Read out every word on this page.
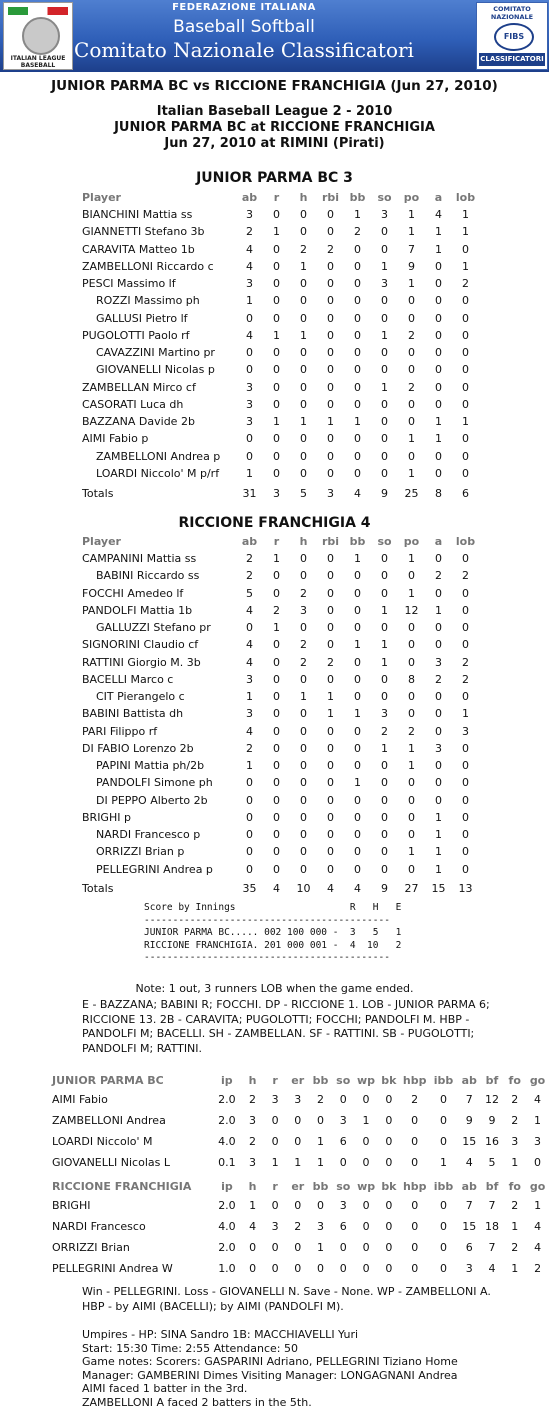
ITALIAN LEAGUE BASEBALL
FEDERAZIONE ITALIANA
Baseball Softball
Comitato Nazionale Classificatori
COMITATO NAZIONALE
FIBS
CLASSIFICATORI
JUNIOR PARMA BC vs RICCIONE FRANCHIGIA (Jun 27, 2010)
Italian Baseball League 2 - 2010
JUNIOR PARMA BC at RICCIONE FRANCHIGIA
Jun 27, 2010 at RIMINI (Pirati)
JUNIOR PARMA BC 3
Player	ab	r	h	rbi	bb	so	po	a	lob
BIANCHINI Mattia ss	3	0	0	0	1	3	1	4	1
GIANNETTI Stefano 3b	2	1	0	0	2	0	1	1	1
CARAVITA Matteo 1b	4	0	2	2	0	0	7	1	0
ZAMBELLONI Riccardo c	4	0	1	0	0	1	9	0	1
PESCI Massimo lf	3	0	0	0	0	3	1	0	2
ROZZI Massimo ph	1	0	0	0	0	0	0	0	0
GALLUSI Pietro lf	0	0	0	0	0	0	0	0	0
PUGOLOTTI Paolo rf	4	1	1	0	0	1	2	0	0
CAVAZZINI Martino pr	0	0	0	0	0	0	0	0	0
GIOVANELLI Nicolas p	0	0	0	0	0	0	0	0	0
ZAMBELLAN Mirco cf	3	0	0	0	0	1	2	0	0
CASORATI Luca dh	3	0	0	0	0	0	0	0	0
BAZZANA Davide 2b	3	1	1	1	1	0	0	1	1
AIMI Fabio p	0	0	0	0	0	0	1	1	0
ZAMBELLONI Andrea p	0	0	0	0	0	0	0	0	0
LOARDI Niccolo' M p/rf	1	0	0	0	0	0	1	0	0
Totals	31	3	5	3	4	9	25	8	6
RICCIONE FRANCHIGIA 4
Player	ab	r	h	rbi	bb	so	po	a	lob
CAMPANINI Mattia ss	2	1	0	0	1	0	1	0	0
BABINI Riccardo ss	2	0	0	0	0	0	0	2	2
FOCCHI Amedeo lf	5	0	2	0	0	0	1	0	0
PANDOLFI Mattia 1b	4	2	3	0	0	1	12	1	0
GALLUZZI Stefano pr	0	1	0	0	0	0	0	0	0
SIGNORINI Claudio cf	4	0	2	0	1	1	0	0	0
RATTINI Giorgio M. 3b	4	0	2	2	0	1	0	3	2
BACELLI Marco c	3	0	0	0	0	0	8	2	2
CIT Pierangelo c	1	0	1	1	0	0	0	0	0
BABINI Battista dh	3	0	0	1	1	3	0	0	1
PARI Filippo rf	4	0	0	0	0	2	2	0	3
DI FABIO Lorenzo 2b	2	0	0	0	0	1	1	3	0
PAPINI Mattia ph/2b	1	0	0	0	0	0	1	0	0
PANDOLFI Simone ph	0	0	0	0	1	0	0	0	0
DI PEPPO Alberto 2b	0	0	0	0	0	0	0	0	0
BRIGHI p	0	0	0	0	0	0	0	1	0
NARDI Francesco p	0	0	0	0	0	0	0	1	0
ORRIZZI Brian p	0	0	0	0	0	0	1	1	0
PELLEGRINI Andrea p	0	0	0	0	0	0	0	1	0
Totals	35	4	10	4	4	9	27	15	13
Score by Innings                    R   H   E
-------------------------------------------
JUNIOR PARMA BC..... 002 100 000 -  3   5   1
RICCIONE FRANCHIGIA. 201 000 001 -  4  10   2
-------------------------------------------
Note: 1 out, 3 runners LOB when the game ended.
E - BAZZANA; BABINI R; FOCCHI. DP - RICCIONE 1. LOB - JUNIOR PARMA 6; RICCIONE 13. 2B - CARAVITA; PUGOLOTTI; FOCCHI; PANDOLFI M. HBP - PANDOLFI M; BACELLI. SH - ZAMBELLAN. SF - RATTINI. SB - PUGOLOTTI; PANDOLFI M; RATTINI.
JUNIOR PARMA BC	ip	h	r	er	bb	so	wp	bk	hbp	ibb	ab	bf	fo	go
AIMI Fabio	2.0	2	3	3	2	0	0	0	2	0	7	12	2	4
ZAMBELLONI Andrea	2.0	3	0	0	0	3	1	0	0	0	9	9	2	1
LOARDI Niccolo' M	4.0	2	0	0	1	6	0	0	0	0	15	16	3	3
GIOVANELLI Nicolas L	0.1	3	1	1	1	0	0	0	0	1	4	5	1	0
RICCIONE FRANCHIGIA	ip	h	r	er	bb	so	wp	bk	hbp	ibb	ab	bf	fo	go
BRIGHI	2.0	1	0	0	0	3	0	0	0	0	7	7	2	1
NARDI Francesco	4.0	4	3	2	3	6	0	0	0	0	15	18	1	4
ORRIZZI Brian	2.0	0	0	0	1	0	0	0	0	0	6	7	2	4
PELLEGRINI Andrea W	1.0	0	0	0	0	0	0	0	0	0	3	4	1	2
Win - PELLEGRINI. Loss - GIOVANELLI N. Save - None. WP - ZAMBELLONI A. HBP - by AIMI (BACELLI); by AIMI (PANDOLFI M).
Umpires - HP: SINA Sandro 1B: MACCHIAVELLI Yuri
Start: 15:30 Time: 2:55 Attendance: 50
Game notes: Scorers: GASPARINI Adriano, PELLEGRINI Tiziano Home Manager: GAMBERINI Dimes Visiting Manager: LONGAGNANI Andrea
AIMI faced 1 batter in the 3rd.
ZAMBELLONI A faced 2 batters in the 5th.
